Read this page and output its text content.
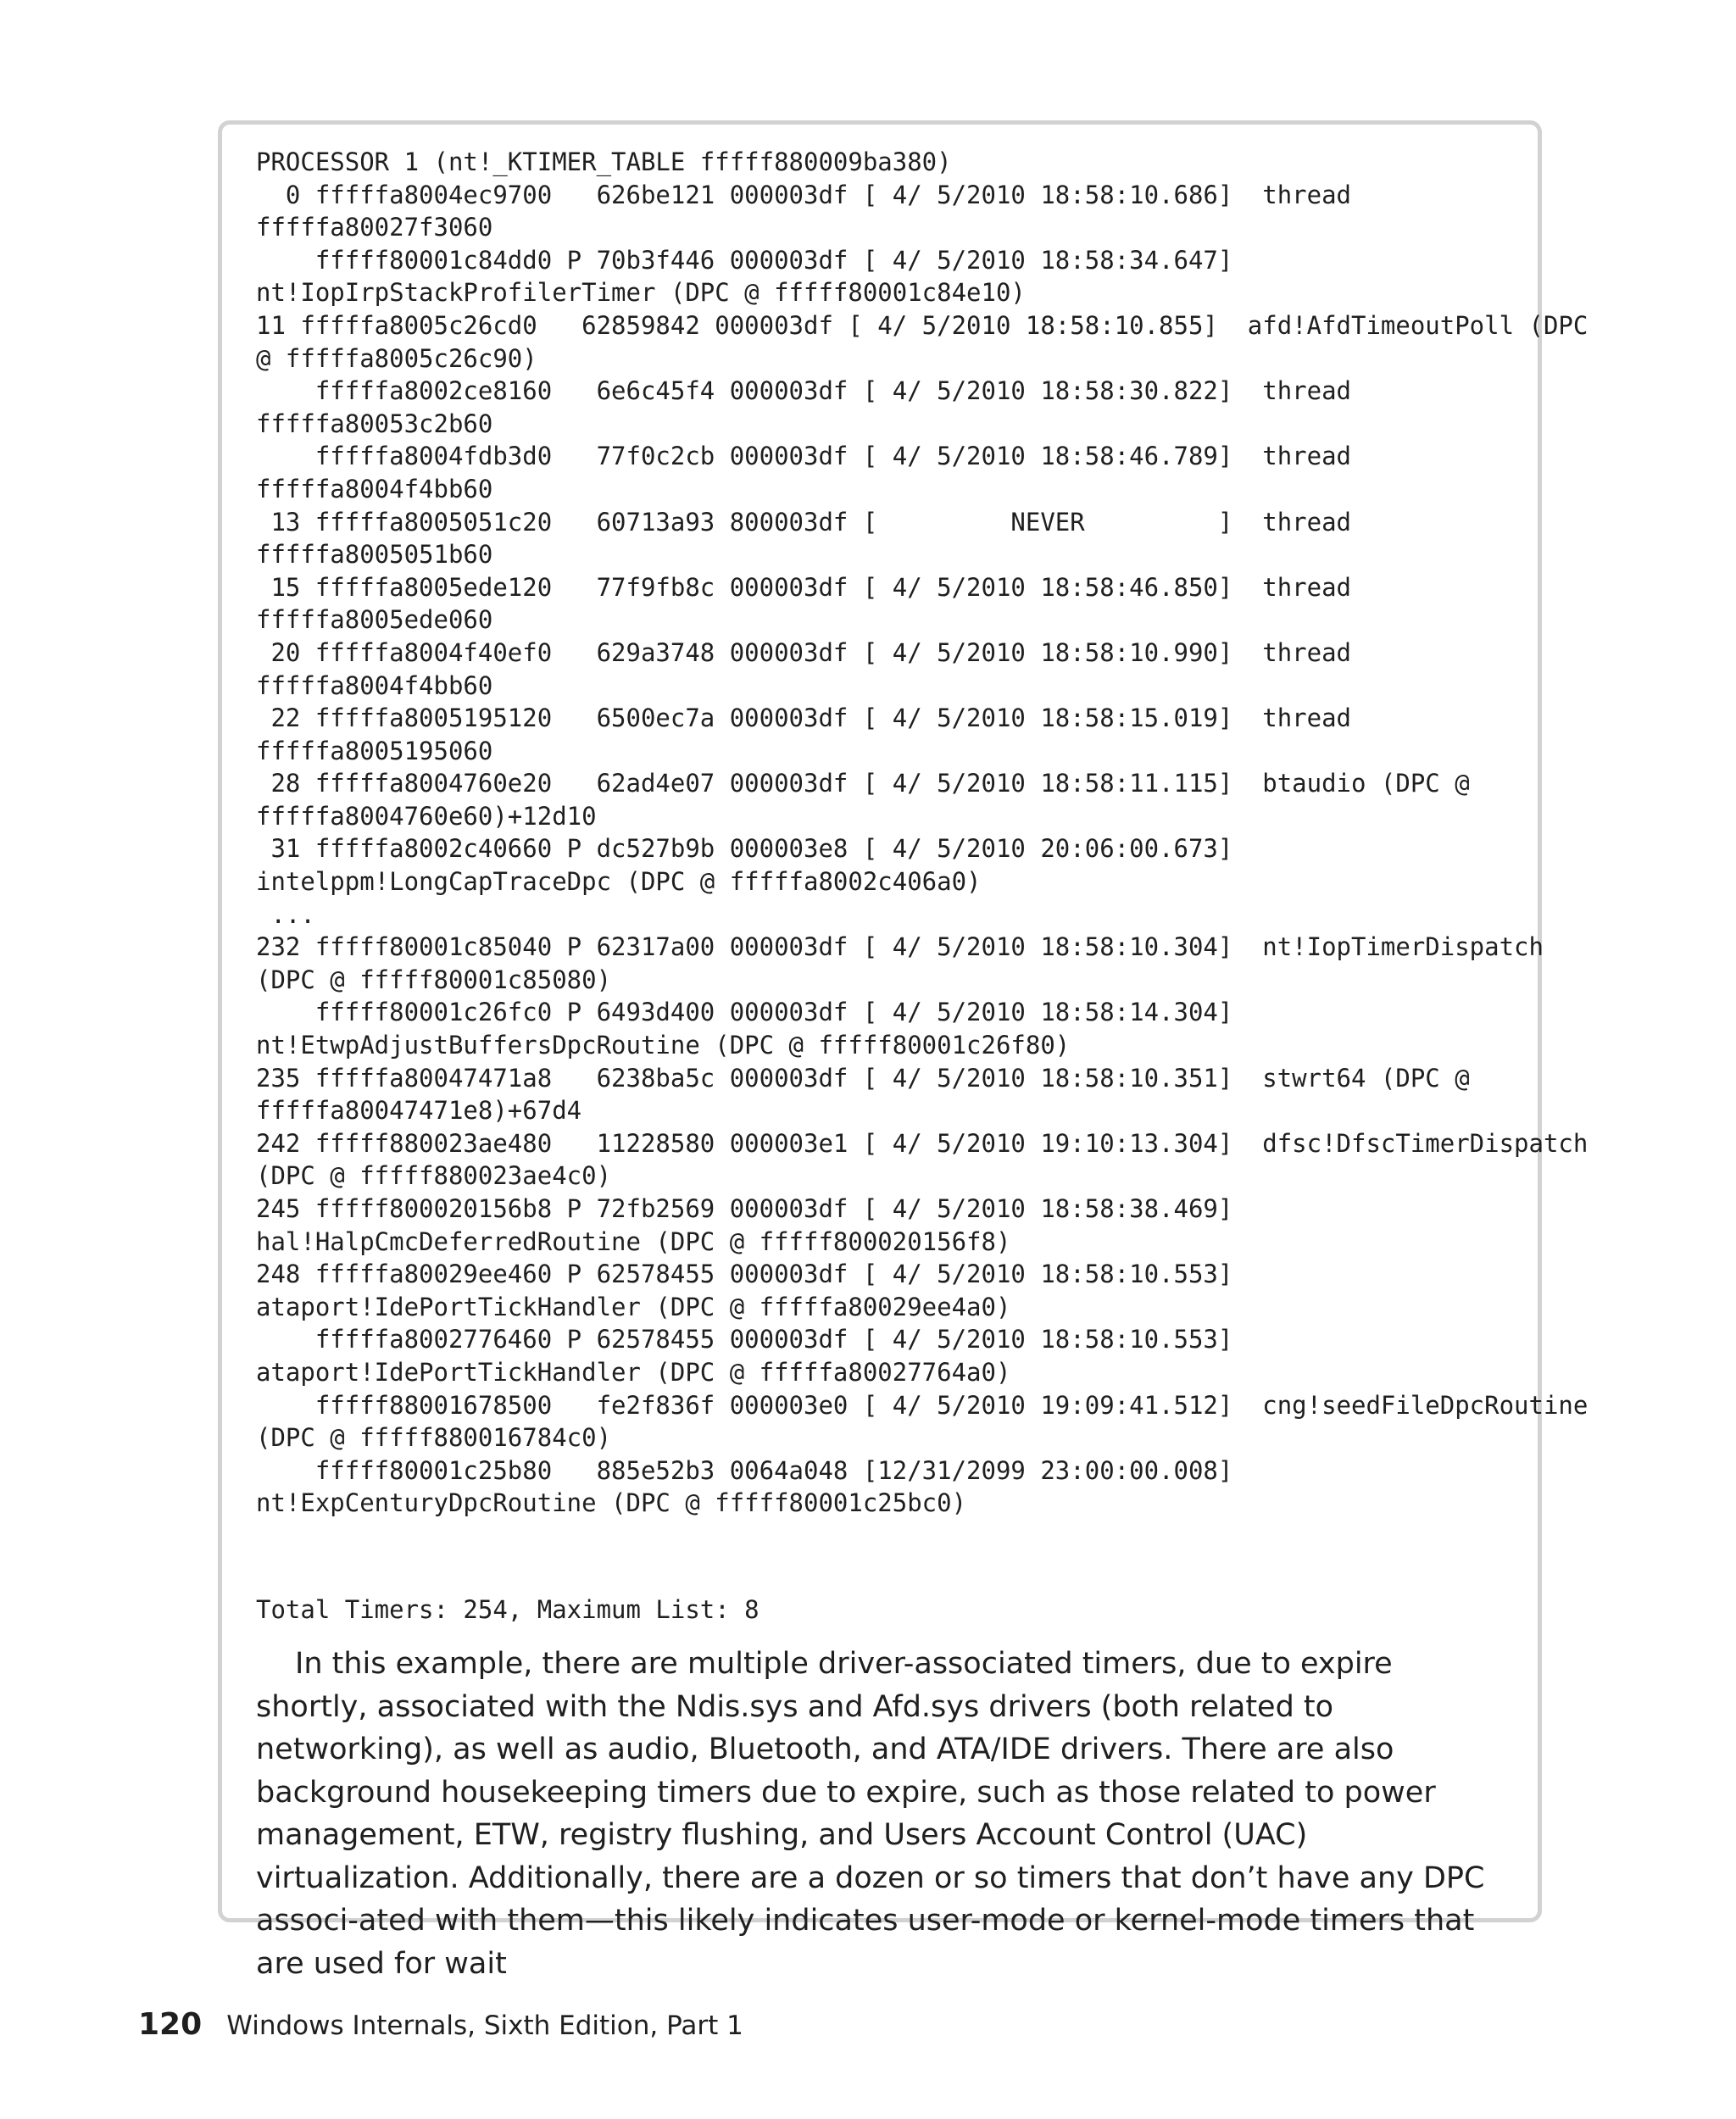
PROCESSOR 1 (nt!_KTIMER_TABLE fffff880009ba380)
0 fffffa8004ec9700   626be121 000003df [ 4/ 5/2010 18:58:10.686]  thread
fffffa80027f3060
fffff80001c84dd0 P 70b3f446 000003df [ 4/ 5/2010 18:58:34.647]
nt!IopIrpStackProfilerTimer (DPC @ fffff80001c84e10)
11 fffffa8005c26cd0   62859842 000003df [ 4/ 5/2010 18:58:10.855]  afd!AfdTimeoutPoll (DPC
@ fffffa8005c26c90)
fffffa8002ce8160   6e6c45f4 000003df [ 4/ 5/2010 18:58:30.822]  thread
fffffa80053c2b60
fffffa8004fdb3d0   77f0c2cb 000003df [ 4/ 5/2010 18:58:46.789]  thread
fffffa8004f4bb60
13 fffffa8005051c20   60713a93 800003df [         NEVER         ]  thread
fffffa8005051b60
15 fffffa8005ede120   77f9fb8c 000003df [ 4/ 5/2010 18:58:46.850]  thread
fffffa8005ede060
20 fffffa8004f40ef0   629a3748 000003df [ 4/ 5/2010 18:58:10.990]  thread
fffffa8004f4bb60
22 fffffa8005195120   6500ec7a 000003df [ 4/ 5/2010 18:58:15.019]  thread
fffffa8005195060
28 fffffa8004760e20   62ad4e07 000003df [ 4/ 5/2010 18:58:11.115]  btaudio (DPC @
fffffa8004760e60)+12d10
31 fffffa8002c40660 P dc527b9b 000003e8 [ 4/ 5/2010 20:06:00.673]
intelppm!LongCapTraceDpc (DPC @ fffffa8002c406a0)
...
232 fffff80001c85040 P 62317a00 000003df [ 4/ 5/2010 18:58:10.304]  nt!IopTimerDispatch
(DPC @ fffff80001c85080)
fffff80001c26fc0 P 6493d400 000003df [ 4/ 5/2010 18:58:14.304]
nt!EtwpAdjustBuffersDpcRoutine (DPC @ fffff80001c26f80)
235 fffffa80047471a8   6238ba5c 000003df [ 4/ 5/2010 18:58:10.351]  stwrt64 (DPC @
fffffa80047471e8)+67d4
242 fffff880023ae480   11228580 000003e1 [ 4/ 5/2010 19:10:13.304]  dfsc!DfscTimerDispatch
(DPC @ fffff880023ae4c0)
245 fffff800020156b8 P 72fb2569 000003df [ 4/ 5/2010 18:58:38.469]
hal!HalpCmcDeferredRoutine (DPC @ fffff800020156f8)
248 fffffa80029ee460 P 62578455 000003df [ 4/ 5/2010 18:58:10.553]
ataport!IdePortTickHandler (DPC @ fffffa80029ee4a0)
fffffa8002776460 P 62578455 000003df [ 4/ 5/2010 18:58:10.553]
ataport!IdePortTickHandler (DPC @ fffffa80027764a0)
fffff88001678500   fe2f836f 000003e0 [ 4/ 5/2010 19:09:41.512]  cng!seedFileDpcRoutine
(DPC @ fffff880016784c0)
fffff80001c25b80   885e52b3 0064a048 [12/31/2099 23:00:00.008]
nt!ExpCenturyDpcRoutine (DPC @ fffff80001c25bc0)
Total Timers: 254, Maximum List: 8

In this example, there are multiple driver-associated timers, due to expire shortly, associated with the Ndis.sys and Afd.sys drivers (both related to networking), as well as audio, Bluetooth, and ATA/IDE drivers. There are also background housekeeping timers due to expire, such as those related to power management, ETW, registry flushing, and Users Account Control (UAC) virtualization. Additionally, there are a dozen or so timers that don’t have any DPC associ-ated with them—this likely indicates user-mode or kernel-mode timers that are used for wait

120 Windows Internals, Sixth Edition, Part 1
